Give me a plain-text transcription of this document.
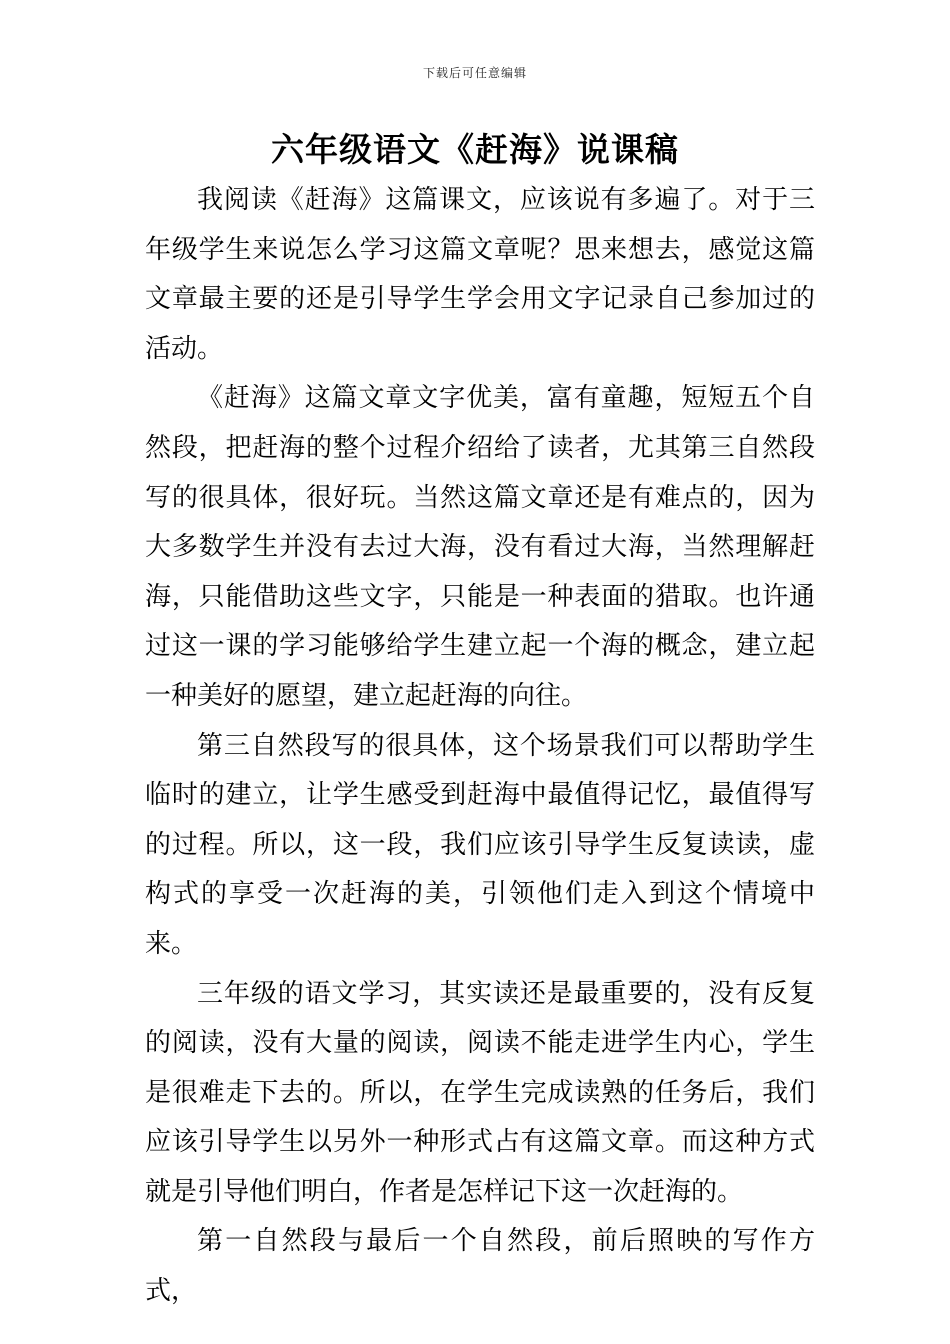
下载后可任意编辑
六年级语文《赶海》说课稿

我阅读《赶海》这篇课文，应该说有多遍了。对于三年级学生来说怎么学习这篇文章呢？思来想去，感觉这篇文章最主要的还是引导学生学会用文字记录自己参加过的活动。

《赶海》这篇文章文字优美，富有童趣，短短五个自然段，把赶海的整个过程介绍给了读者，尤其第三自然段写的很具体，很好玩。当然这篇文章还是有难点的，因为大多数学生并没有去过大海，没有看过大海，当然理解赶海，只能借助这些文字，只能是一种表面的猎取。也许通过这一课的学习能够给学生建立起一个海的概念，建立起一种美好的愿望，建立起赶海的向往。

第三自然段写的很具体，这个场景我们可以帮助学生临时的建立，让学生感受到赶海中最值得记忆，最值得写的过程。所以，这一段，我们应该引导学生反复读读，虚构式的享受一次赶海的美，引领他们走入到这个情境中来。

三年级的语文学习，其实读还是最重要的，没有反复的阅读，没有大量的阅读，阅读不能走进学生内心，学生是很难走下去的。所以，在学生完成读熟的任务后，我们应该引导学生以另外一种形式占有这篇文章。而这种方式就是引导他们明白，作者是怎样记下这一次赶海的。

第一自然段与最后一个自然段，前后照映的写作方式，
